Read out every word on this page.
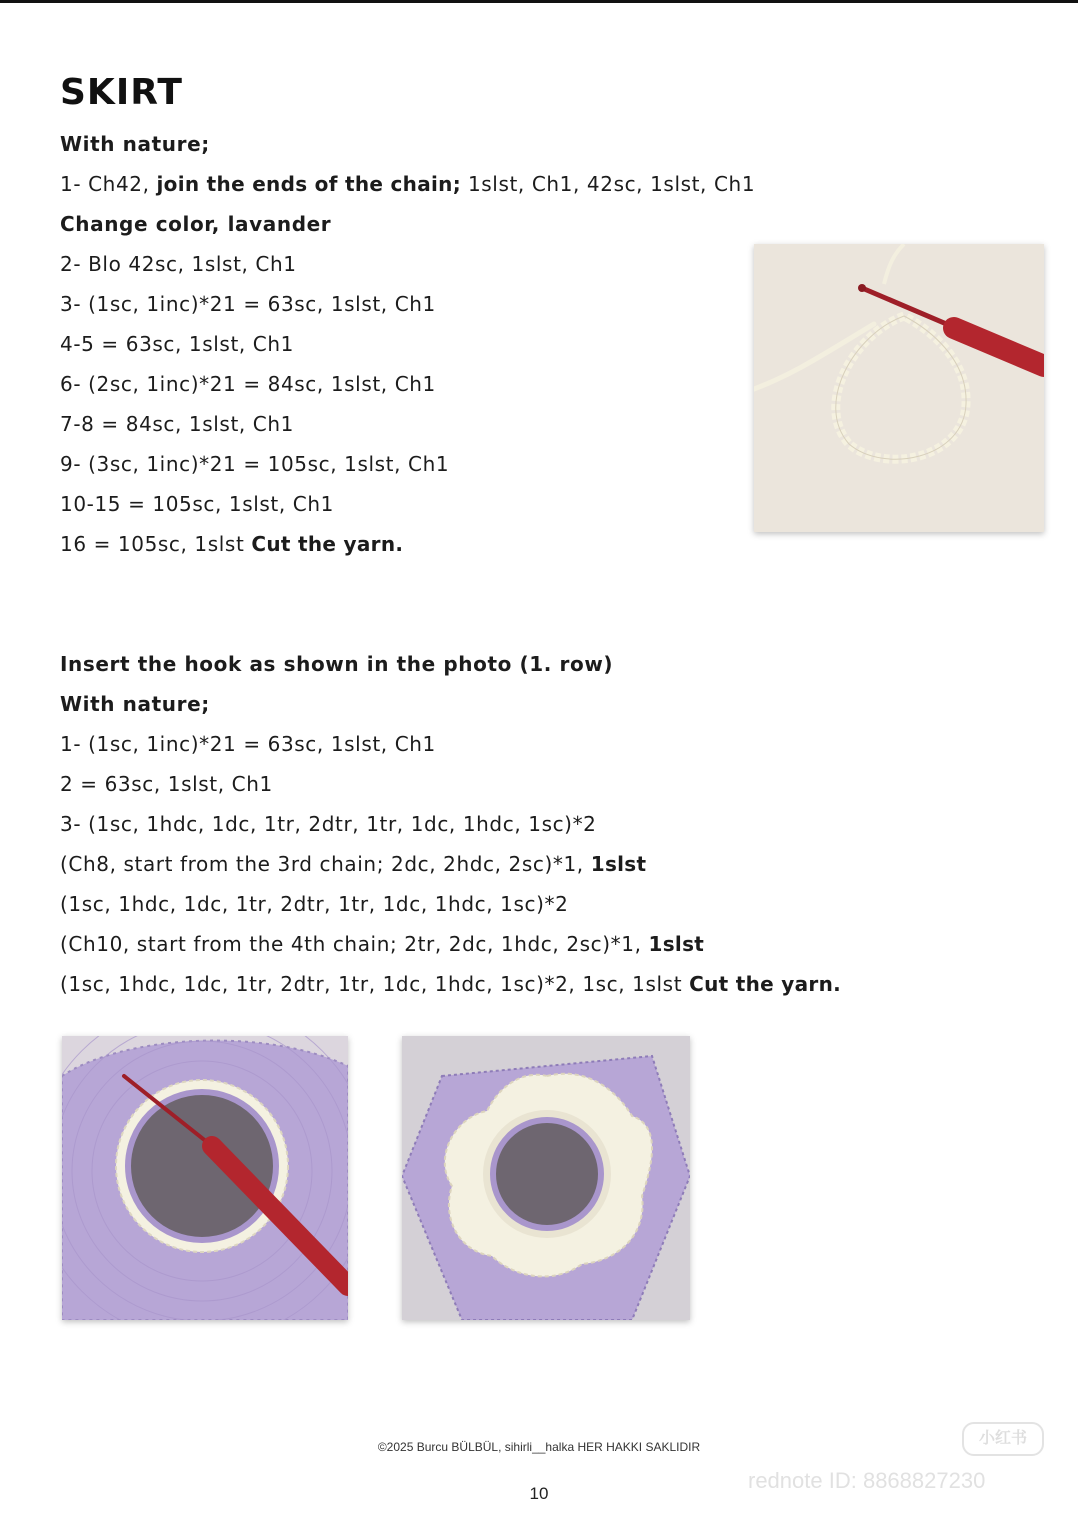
SKIRT
With nature;
1- Ch42, join the ends of the chain; 1slst, Ch1, 42sc, 1slst, Ch1
Change color, lavander
2- Blo 42sc, 1slst, Ch1
3- (1sc, 1inc)*21 = 63sc, 1slst, Ch1
4-5 = 63sc, 1slst, Ch1
6- (2sc, 1inc)*21 = 84sc, 1slst, Ch1
7-8 = 84sc, 1slst, Ch1
9- (3sc, 1inc)*21 = 105sc, 1slst, Ch1
10-15 = 105sc, 1slst, Ch1
16 = 105sc, 1slst Cut the yarn.
Insert the hook as shown in the photo (1. row)
With nature;
1- (1sc, 1inc)*21 = 63sc, 1slst, Ch1
2 = 63sc, 1slst, Ch1
3- (1sc, 1hdc, 1dc, 1tr, 2dtr, 1tr, 1dc, 1hdc, 1sc)*2
(Ch8, start from the 3rd chain; 2dc, 2hdc, 2sc)*1, 1slst
(1sc, 1hdc, 1dc, 1tr, 2dtr, 1tr, 1dc, 1hdc, 1sc)*2
(Ch10, start from the 4th chain; 2tr, 2dc, 1hdc, 2sc)*1, 1slst
(1sc, 1hdc, 1dc, 1tr, 2dtr, 1tr, 1dc, 1hdc, 1sc)*2, 1sc, 1slst Cut the yarn.
©2025 Burcu BÜLBÜL, sihirli__halka HER HAKKI SAKLIDIR
10
小红书
rednote ID: 8868827230
